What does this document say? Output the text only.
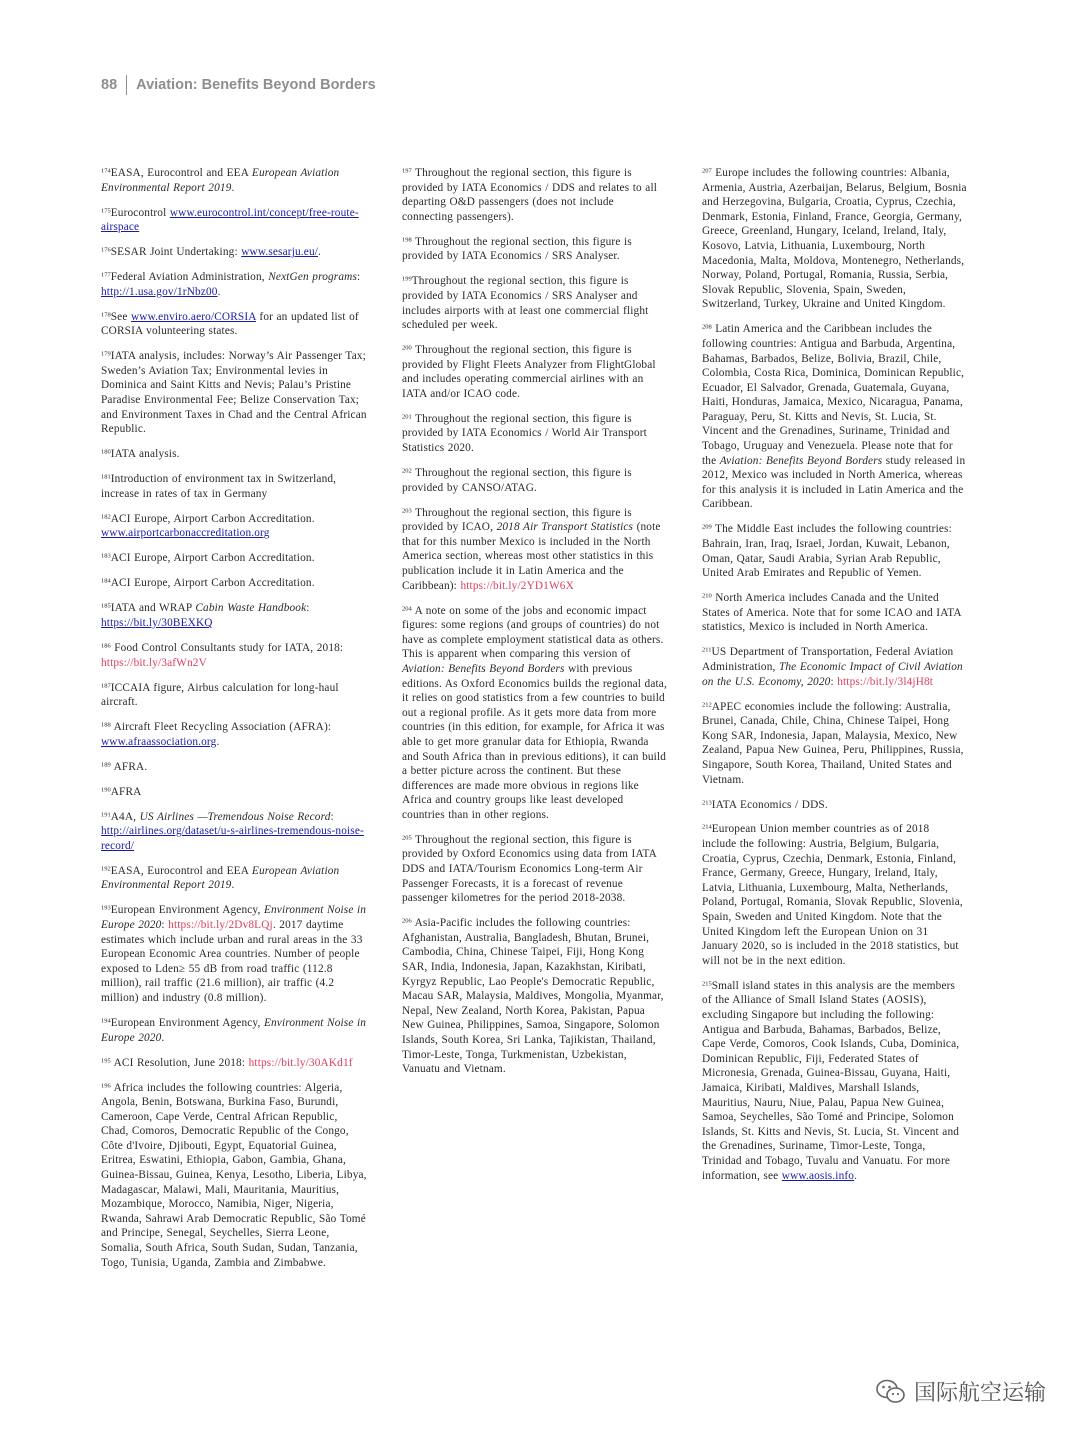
88 Aviation: Benefits Beyond Borders

$^{174}$EASA, Eurocontrol and EEA European Aviation Environmental Report 2019.

$^{175}$Eurocontrol www.eurocontrol.int/concept/free-route-airspace

$^{176}$SESAR Joint Undertaking: www.sesarju.eu/.

$^{177}$Federal Aviation Administration, NextGen programs: http://1.usa.gov/1rNbz00.

$^{178}$See www.enviro.aero/CORSIA for an updated list of CORSIA volunteering states.

$^{179}$IATA analysis, includes: Norway’s Air Passenger Tax; Sweden’s Aviation Tax; Environmental levies in Dominica and Saint Kitts and Nevis; Palau’s Pristine Paradise Environmental Fee; Belize Conservation Tax; and Environment Taxes in Chad and the Central African Republic.

$^{180}$IATA analysis.

$^{181}$Introduction of environment tax in Switzerland, increase in rates of tax in Germany

$^{182}$ACI Europe, Airport Carbon Accreditation. www.airportcarbonaccreditation.org

$^{183}$ACI Europe, Airport Carbon Accreditation.

$^{184}$ACI Europe, Airport Carbon Accreditation.

$^{185}$IATA and WRAP Cabin Waste Handbook: https://bit.ly/30BEXKQ

$^{186}$ Food Control Consultants study for IATA, 2018: https://bit.ly/3afWn2V

$^{187}$ICCAIA figure, Airbus calculation for long-haul aircraft.

$^{188}$ Aircraft Fleet Recycling Association (AFRA): www.afraassociation.org.

$^{189}$ AFRA.

$^{190}$AFRA

$^{191}$A4A, US Airlines —Tremendous Noise Record: http://airlines.org/dataset/u-s-airlines-tremendous-noise-record/

$^{192}$EASA, Eurocontrol and EEA European Aviation Environmental Report 2019.

$^{193}$European Environment Agency, Environment Noise in Europe 2020: https://bit.ly/2Dv8LQj. 2017 daytime estimates which include urban and rural areas in the 33 European Economic Area countries. Number of people exposed to Lden≥ 55 dB from road traffic (112.8 million), rail traffic (21.6 million), air traffic (4.2 million) and industry (0.8 million).

$^{194}$European Environment Agency, Environment Noise in Europe 2020.

$^{195}$ ACI Resolution, June 2018: https://bit.ly/30AKd1f

$^{196}$ Africa includes the following countries: Algeria, Angola, Benin, Botswana, Burkina Faso, Burundi, Cameroon, Cape Verde, Central African Republic, Chad, Comoros, Democratic Republic of the Congo, Côte d'Ivoire, Djibouti, Egypt, Equatorial Guinea, Eritrea, Eswatini, Ethiopia, Gabon, Gambia, Ghana, Guinea-Bissau, Guinea, Kenya, Lesotho, Liberia, Libya, Madagascar, Malawi, Mali, Mauritania, Mauritius, Mozambique, Morocco, Namibia, Niger, Nigeria, Rwanda, Sahrawi Arab Democratic Republic, São Tomé and Principe, Senegal, Seychelles, Sierra Leone, Somalia, South Africa, South Sudan, Sudan, Tanzania, Togo, Tunisia, Uganda, Zambia and Zimbabwe.

$^{197}$ Throughout the regional section, this figure is provided by IATA Economics / DDS and relates to all departing O&D passengers (does not include connecting passengers).

$^{198}$ Throughout the regional section, this figure is provided by IATA Economics / SRS Analyser.

$^{199}$Throughout the regional section, this figure is provided by IATA Economics / SRS Analyser and includes airports with at least one commercial flight scheduled per week.

$^{200}$ Throughout the regional section, this figure is provided by Flight Fleets Analyzer from FlightGlobal and includes operating commercial airlines with an IATA and/or ICAO code.

$^{201}$ Throughout the regional section, this figure is provided by IATA Economics / World Air Transport Statistics 2020.

$^{202}$ Throughout the regional section, this figure is provided by CANSO/ATAG.

$^{203}$ Throughout the regional section, this figure is provided by ICAO, 2018 Air Transport Statistics (note that for this number Mexico is included in the North America section, whereas most other statistics in this publication include it in Latin America and the Caribbean): https://bit.ly/2YD1W6X

$^{204}$ A note on some of the jobs and economic impact figures: some regions (and groups of countries) do not have as complete employment statistical data as others. This is apparent when comparing this version of Aviation: Benefits Beyond Borders with previous editions. As Oxford Economics builds the regional data, it relies on good statistics from a few countries to build out a regional profile. As it gets more data from more countries (in this edition, for example, for Africa it was able to get more granular data for Ethiopia, Rwanda and South Africa than in previous editions), it can build a better picture across the continent. But these differences are made more obvious in regions like Africa and country groups like least developed countries than in other regions.

$^{205}$ Throughout the regional section, this figure is provided by Oxford Economics using data from IATA DDS and IATA/Tourism Economics Long-term Air Passenger Forecasts, it is a forecast of revenue passenger kilometres for the period 2018-2038.

$^{206}$ Asia-Pacific includes the following countries: Afghanistan, Australia, Bangladesh, Bhutan, Brunei, Cambodia, China, Chinese Taipei, Fiji, Hong Kong SAR, India, Indonesia, Japan, Kazakhstan, Kiribati, Kyrgyz Republic, Lao People's Democratic Republic, Macau SAR, Malaysia, Maldives, Mongolia, Myanmar, Nepal, New Zealand, North Korea, Pakistan, Papua New Guinea, Philippines, Samoa, Singapore, Solomon Islands, South Korea, Sri Lanka, Tajikistan, Thailand, Timor-Leste, Tonga, Turkmenistan, Uzbekistan, Vanuatu and Vietnam.

$^{207}$ Europe includes the following countries: Albania, Armenia, Austria, Azerbaijan, Belarus, Belgium, Bosnia and Herzegovina, Bulgaria, Croatia, Cyprus, Czechia, Denmark, Estonia, Finland, France, Georgia, Germany, Greece, Greenland, Hungary, Iceland, Ireland, Italy, Kosovo, Latvia, Lithuania, Luxembourg, North Macedonia, Malta, Moldova, Montenegro, Netherlands, Norway, Poland, Portugal, Romania, Russia, Serbia, Slovak Republic, Slovenia, Spain, Sweden, Switzerland, Turkey, Ukraine and United Kingdom.

$^{208}$ Latin America and the Caribbean includes the following countries: Antigua and Barbuda, Argentina, Bahamas, Barbados, Belize, Bolivia, Brazil, Chile, Colombia, Costa Rica, Dominica, Dominican Republic, Ecuador, El Salvador, Grenada, Guatemala, Guyana, Haiti, Honduras, Jamaica, Mexico, Nicaragua, Panama, Paraguay, Peru, St. Kitts and Nevis, St. Lucia, St. Vincent and the Grenadines, Suriname, Trinidad and Tobago, Uruguay and Venezuela. Please note that for the Aviation: Benefits Beyond Borders study released in 2012, Mexico was included in North America, whereas for this analysis it is included in Latin America and the Caribbean.

$^{209}$ The Middle East includes the following countries: Bahrain, Iran, Iraq, Israel, Jordan, Kuwait, Lebanon, Oman, Qatar, Saudi Arabia, Syrian Arab Republic, United Arab Emirates and Republic of Yemen.

$^{210}$ North America includes Canada and the United States of America. Note that for some ICAO and IATA statistics, Mexico is included in North America.

$^{211}$US Department of Transportation, Federal Aviation Administration, The Economic Impact of Civil Aviation on the U.S. Economy, 2020: https://bit.ly/3l4jH8t

$^{212}$APEC economies include the following: Australia, Brunei, Canada, Chile, China, Chinese Taipei, Hong Kong SAR, Indonesia, Japan, Malaysia, Mexico, New Zealand, Papua New Guinea, Peru, Philippines, Russia, Singapore, South Korea, Thailand, United States and Vietnam.

$^{213}$IATA Economics / DDS.

$^{214}$European Union member countries as of 2018 include the following: Austria, Belgium, Bulgaria, Croatia, Cyprus, Czechia, Denmark, Estonia, Finland, France, Germany, Greece, Hungary, Ireland, Italy, Latvia, Lithuania, Luxembourg, Malta, Netherlands, Poland, Portugal, Romania, Slovak Republic, Slovenia, Spain, Sweden and United Kingdom. Note that the United Kingdom left the European Union on 31 January 2020, so is included in the 2018 statistics, but will not be in the next edition.

$^{215}$Small island states in this analysis are the members of the Alliance of Small Island States (AOSIS), excluding Singapore but including the following: Antigua and Barbuda, Bahamas, Barbados, Belize, Cape Verde, Comoros, Cook Islands, Cuba, Dominica, Dominican Republic, Fiji, Federated States of Micronesia, Grenada, Guinea-Bissau, Guyana, Haiti, Jamaica, Kiribati, Maldives, Marshall Islands, Mauritius, Nauru, Niue, Palau, Papua New Guinea, Samoa, Seychelles, São Tomé and Principe, Solomon Islands, St. Kitts and Nevis, St. Lucia, St. Vincent and the Grenadines, Suriname, Timor-Leste, Tonga, Trinidad and Tobago, Tuvalu and Vanuatu. For more information, see www.aosis.info.

国际航空运输
